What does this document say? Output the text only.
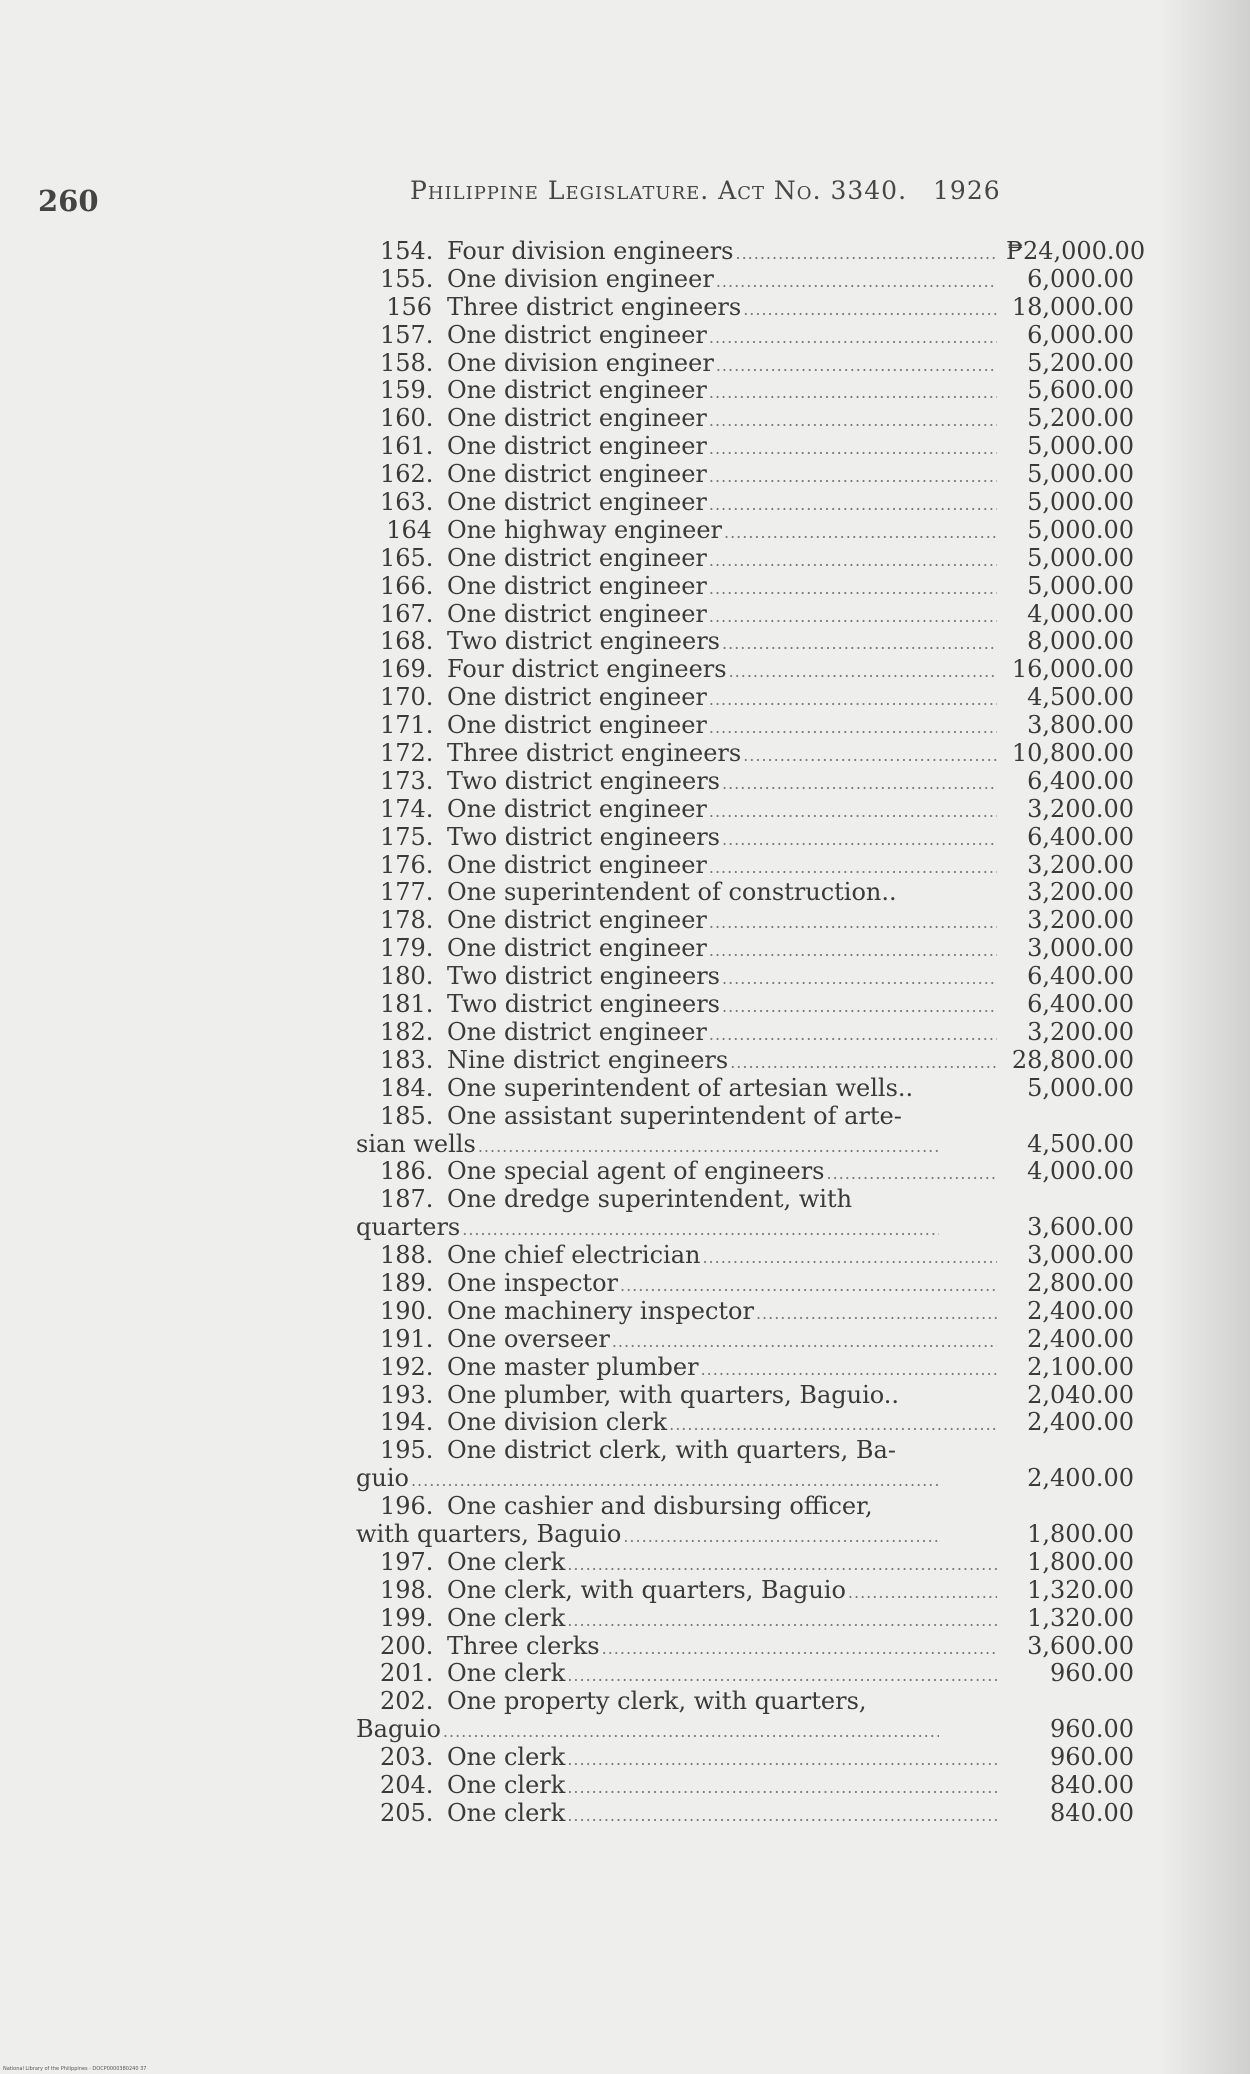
260	Philippine Legislature. Act No. 3340. 1926
154. Four division engineers .....	₱24,000.00
155. One division engineer .....	6,000.00
156 Three district engineers .....	18,000.00
157. One district engineer .....	6,000.00
158. One division engineer .....	5,200.00
159. One district engineer .....	5,600.00
160. One district engineer .....	5,200.00
161. One district engineer .....	5,000.00
162. One district engineer .....	5,000.00
163. One district engineer .....	5,000.00
164 One highway engineer .....	5,000.00
165. One district engineer .....	5,000.00
166. One district engineer .....	5,000.00
167. One district engineer .....	4,000.00
168. Two district engineers .....	8,000.00
169. Four district engineers .....	16,000.00
170. One district engineer .....	4,500.00
171. One district engineer .....	3,800.00
172. Three district engineers .....	10,800.00
173. Two district engineers .....	6,400.00
174. One district engineer .....	3,200.00
175. Two district engineers .....	6,400.00
176. One district engineer .....	3,200.00
177. One superintendent of construction..	3,200.00
178. One district engineer .....	3,200.00
179. One district engineer .....	3,000.00
180. Two district engineers .....	6,400.00
181. Two district engineers .....	6,400.00
182. One district engineer .....	3,200.00
183. Nine district engineers .....	28,800.00
184. One superintendent of artesian wells..	5,000.00
185. One assistant superintendent of arte-
sian wells .....	4,500.00
186. One special agent of engineers .....	4,000.00
187. One dredge superintendent, with
quarters .....	3,600.00
188. One chief electrician .....	3,000.00
189. One inspector .....	2,800.00
190. One machinery inspector .....	2,400.00
191. One overseer .....	2,400.00
192. One master plumber .....	2,100.00
193. One plumber, with quarters, Baguio..	2,040.00
194. One division clerk .....	2,400.00
195. One district clerk, with quarters, Ba-
guio .....	2,400.00
196. One cashier and disbursing officer,
with quarters, Baguio .....	1,800.00
197. One clerk .....	1,800.00
198. One clerk, with quarters, Baguio .....	1,320.00
199. One clerk .....	1,320.00
200. Three clerks .....	3,600.00
201. One clerk .....	960.00
202. One property clerk, with quarters,
Baguio .....	960.00
203. One clerk .....	960.00
204. One clerk .....	840.00
205. One clerk .....	840.00
National Library of the Philippines · DOCP0000380240 37
